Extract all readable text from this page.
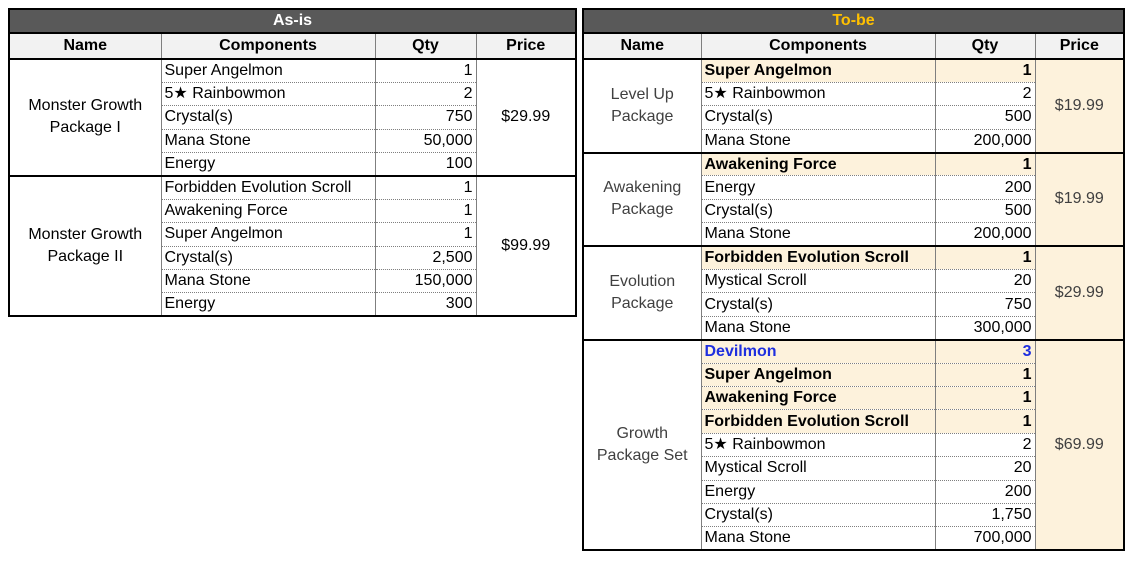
As-is			
Name	Components	Qty	Price
Monster Growth Package I	Super Angelmon	1	$29.99
	5★ Rainbowmon	2	
	Crystal(s)	750	
	Mana Stone	50,000	
	Energy	100	
Monster Growth Package II	Forbidden Evolution Scroll	1	$99.99
	Awakening Force	1	
	Super Angelmon	1	
	Crystal(s)	2,500	
	Mana Stone	150,000	
	Energy	300	
To-be			
Name	Components	Qty	Price
Level Up Package	Super Angelmon	1	$19.99
	5★ Rainbowmon	2	
	Crystal(s)	500	
	Mana Stone	200,000	
Awakening Package	Awakening Force	1	$19.99
	Energy	200	
	Crystal(s)	500	
	Mana Stone	200,000	
Evolution Package	Forbidden Evolution Scroll	1	$29.99
	Mystical Scroll	20	
	Crystal(s)	750	
	Mana Stone	300,000	
Growth Package Set	Devilmon	3	$69.99
	Super Angelmon	1	
	Awakening Force	1	
	Forbidden Evolution Scroll	1	
	5★ Rainbowmon	2	
	Mystical Scroll	20	
	Energy	200	
	Crystal(s)	1,750	
	Mana Stone	700,000	
